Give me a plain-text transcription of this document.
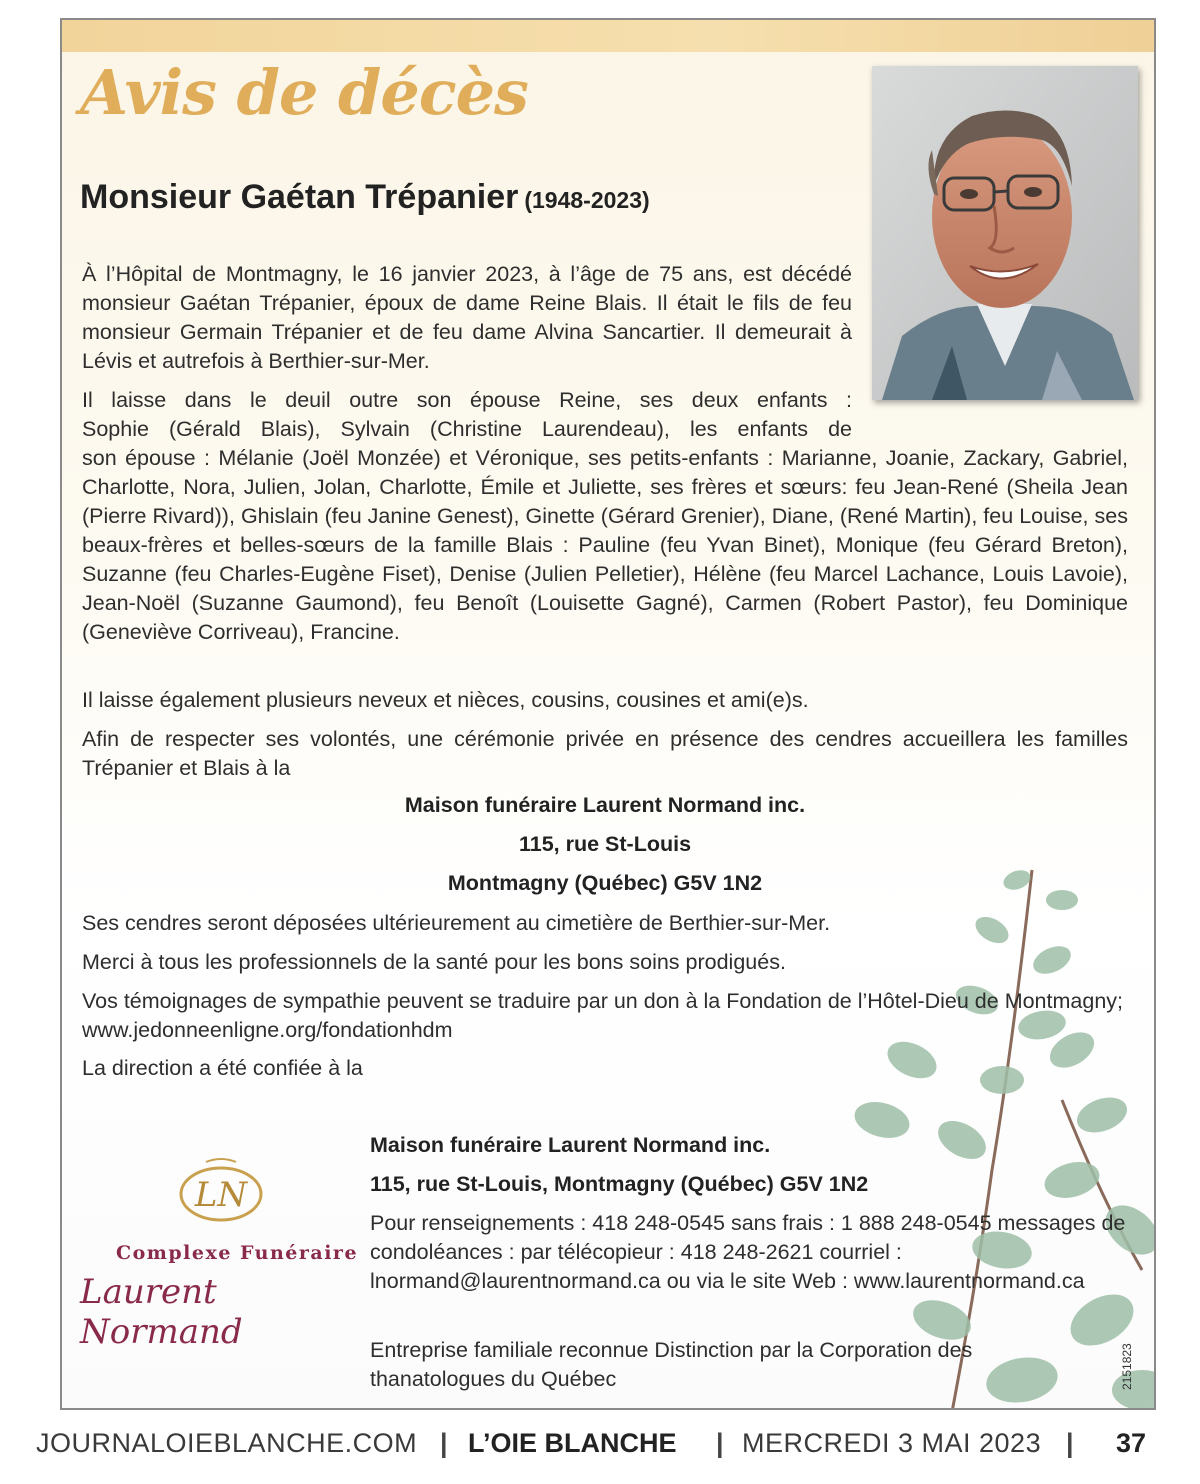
Avis de décès
Monsieur Gaétan Trépanier (1948-2023)
À l’Hôpital de Montmagny, le 16 janvier 2023, à l’âge de 75 ans, est décédé monsieur Gaétan Trépanier, époux de dame Reine Blais. Il était le fils de feu monsieur Germain Trépanier et de feu dame Alvina Sancartier. Il demeurait à Lévis et autrefois à Berthier-sur-Mer.
Il laisse dans le deuil outre son épouse Reine, ses deux enfants :
Sophie (Gérald Blais), Sylvain (Christine Laurendeau), les enfants de
son épouse : Mélanie (Joël Monzée) et Véronique, ses petits-enfants : Marianne, Joanie, Zackary, Gabriel, Charlotte, Nora, Julien, Jolan, Charlotte, Émile et Juliette, ses frères et sœurs: feu Jean-René (Sheila Jean (Pierre Rivard)), Ghislain (feu Janine Genest), Ginette (Gérard Grenier), Diane, (René Martin), feu Louise, ses beaux-frères et belles-sœurs de la famille Blais : Pauline (feu Yvan Binet), Monique (feu Gérard Breton), Suzanne (feu Charles-Eugène Fiset), Denise (Julien Pelletier), Hélène (feu Marcel Lachance, Louis Lavoie), Jean-Noël (Suzanne Gaumond), feu Benoît (Louisette Gagné), Carmen (Robert Pastor), feu Dominique (Geneviève Corriveau), Francine.
Il laisse également plusieurs neveux et nièces, cousins, cousines et ami(e)s.
Afin de respecter ses volontés, une cérémonie privée en présence des cendres accueillera les familles Trépanier et Blais à la
Maison funéraire Laurent Normand inc.
115, rue St-Louis
Montmagny (Québec) G5V 1N2
Ses cendres seront déposées ultérieurement au cimetière de Berthier-sur-Mer.
Merci à tous les professionnels de la santé pour les bons soins prodigués.
Vos témoignages de sympathie peuvent se traduire par un don à la Fondation de l’Hôtel-Dieu de Montmagny; www.jedonneenligne.org/fondationhdm
La direction a été confiée à la
LN
Complexe Funéraire
Laurent Normand
Maison funéraire Laurent Normand inc.
115, rue St-Louis, Montmagny (Québec) G5V 1N2
Pour renseignements : 418 248-0545 sans frais : 1 888 248-0545 messages de condoléances : par télécopieur : 418 248-2621 courriel : lnormand@laurentnormand.ca ou via le site Web : www.laurentnormand.ca
Entreprise familiale reconnue Distinction par la Corporation des thanatologues du Québec	2151823
JOURNALOIEBLANCHE.COM | L’OIE BLANCHE | MERCREDI 3 MAI 2023 | 37
